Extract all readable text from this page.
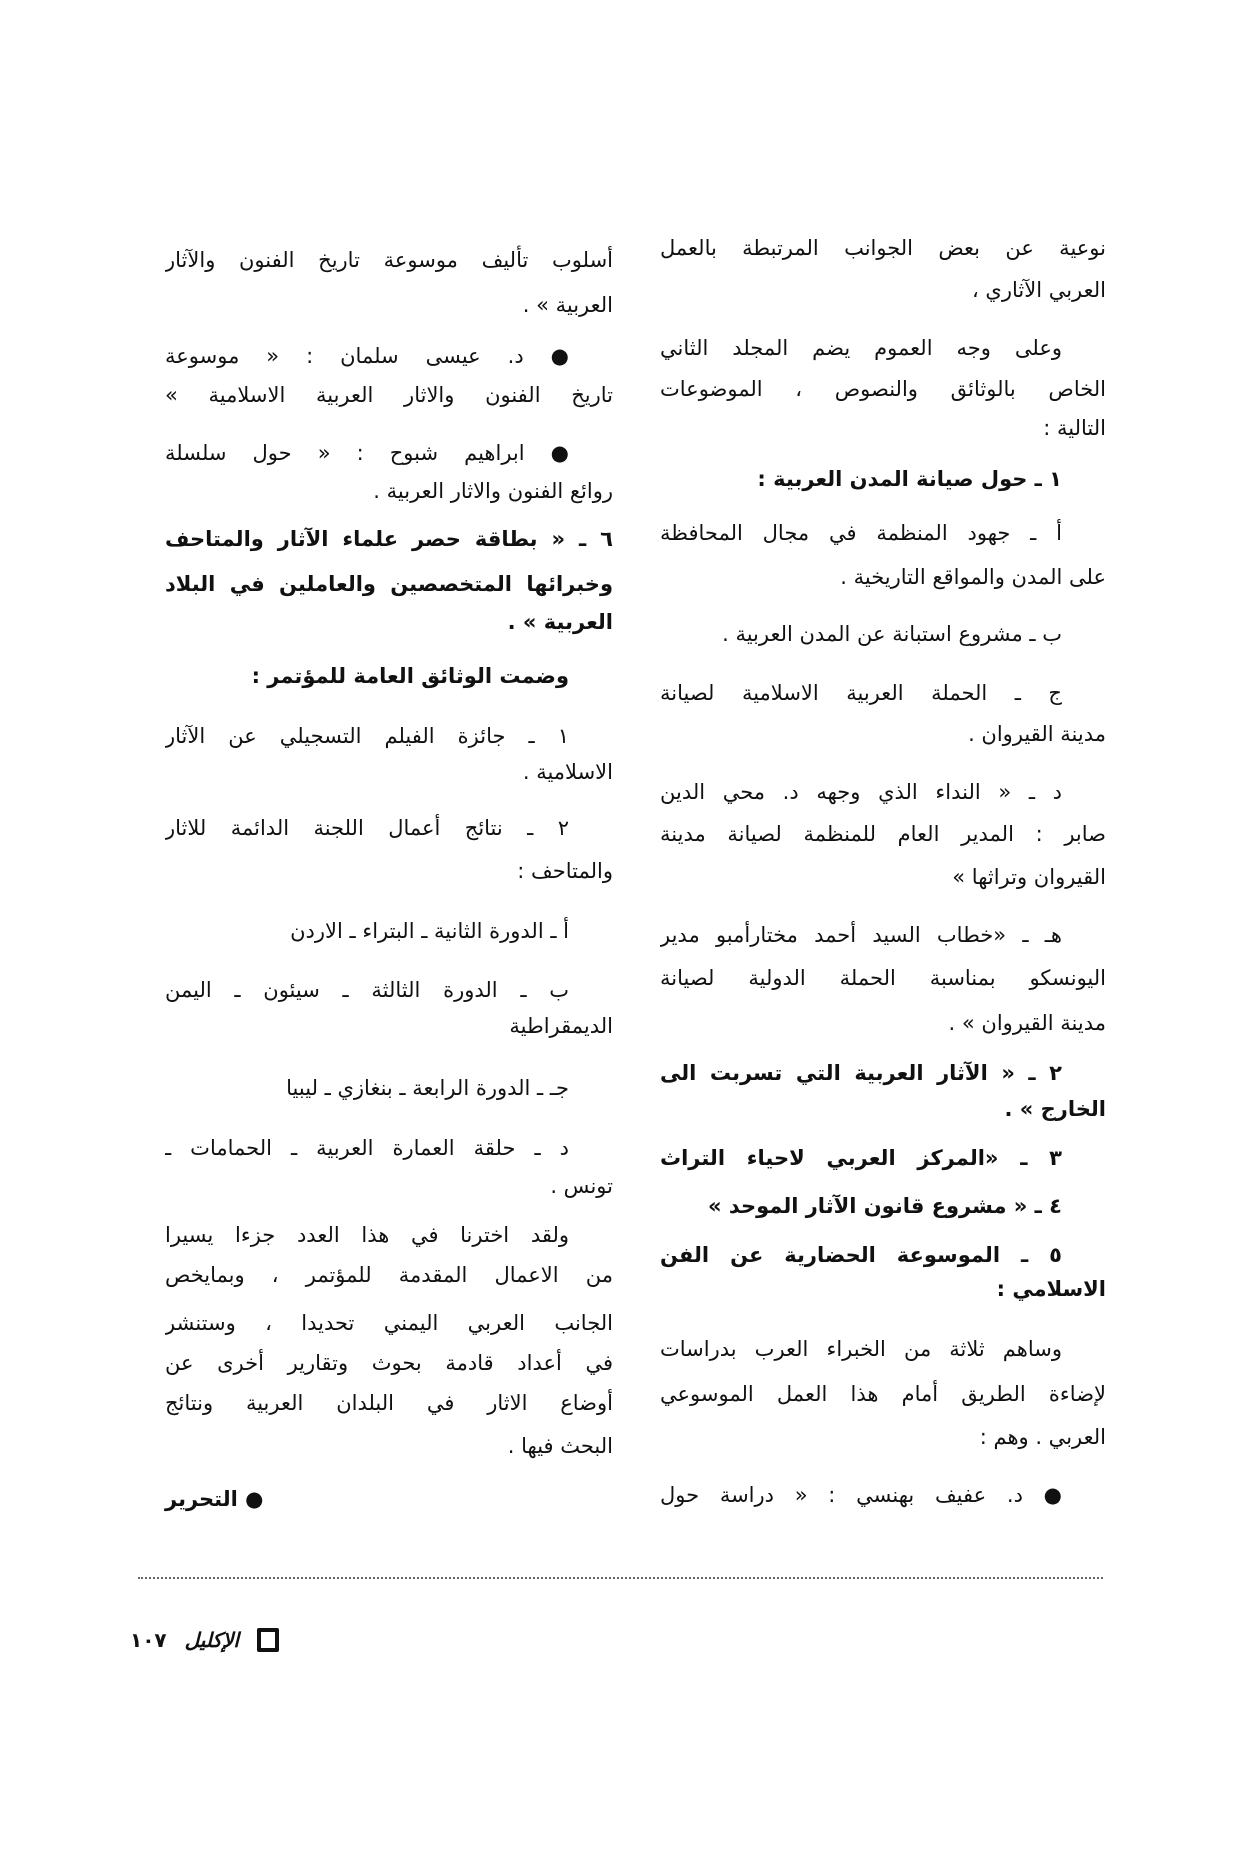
نوعية عن بعض الجوانب المرتبطة بالعمل
العربي الآثاري ،
وعلى وجه العموم يضم المجلد الثاني
الخاص بالوثائق والنصوص ، الموضوعات
التالية :
١ ـ حول صيانة المدن العربية :
أ ـ جهود المنظمة في مجال المحافظة
على المدن والمواقع التاريخية .
ب ـ مشروع استبانة عن المدن العربية .
ج ـ الحملة العربية الاسلامية لصيانة
مدينة القيروان .
د ـ « النداء الذي وجهه د. محي الدين
صابر : المدير العام للمنظمة لصيانة مدينة
القيروان وتراثها »
هـ ـ «خطاب السيد أحمد مختارأمبو مدير
اليونسكو بمناسبة الحملة الدولية لصيانة
مدينة القيروان » .
٢ ـ « الآثار العربية التي تسربت الى
الخارج » .
٣ ـ «المركز العربي لاحياء التراث
٤ ـ « مشروع قانون الآثار الموحد »
٥ ـ الموسوعة الحضارية عن الفن
الاسلامي :
وساهم ثلاثة من الخبراء العرب بدراسات
لإضاءة الطريق أمام هذا العمل الموسوعي
العربي . وهم :
● د. عفيف بهنسي : « دراسة حول
أسلوب تأليف موسوعة تاريخ الفنون والآثار
العربية » .
● د. عيسى سلمان : « موسوعة
تاريخ الفنون والاثار العربية الاسلامية »
● ابراهيم شبوح : « حول سلسلة
روائع الفنون والاثار العربية .
٦ ـ « بطاقة حصر علماء الآثار والمتاحف
وخبرائها المتخصصين والعاملين في البلاد
العربية » .
وضمت الوثائق العامة للمؤتمر :
١ ـ جائزة الفيلم التسجيلي عن الآثار
الاسلامية .
٢ ـ نتائج أعمال اللجنة الدائمة للاثار
والمتاحف :
أ ـ الدورة الثانية ـ البتراء ـ الاردن
ب ـ الدورة الثالثة ـ سيئون ـ اليمن
الديمقراطية
جـ ـ الدورة الرابعة ـ بنغازي ـ ليبيا
د ـ حلقة العمارة العربية ـ الحمامات ـ
تونس .
ولقد اخترنا في هذا العدد جزءا يسيرا
من الاعمال المقدمة للمؤتمر ، وبمايخص
الجانب العربي اليمني تحديدا ، وستنشر
في أعداد قادمة بحوث وتقارير أخرى عن
أوضاع الاثار في البلدان العربية ونتائج
البحث فيها .
● التحرير
١٠٧ الإكليل
